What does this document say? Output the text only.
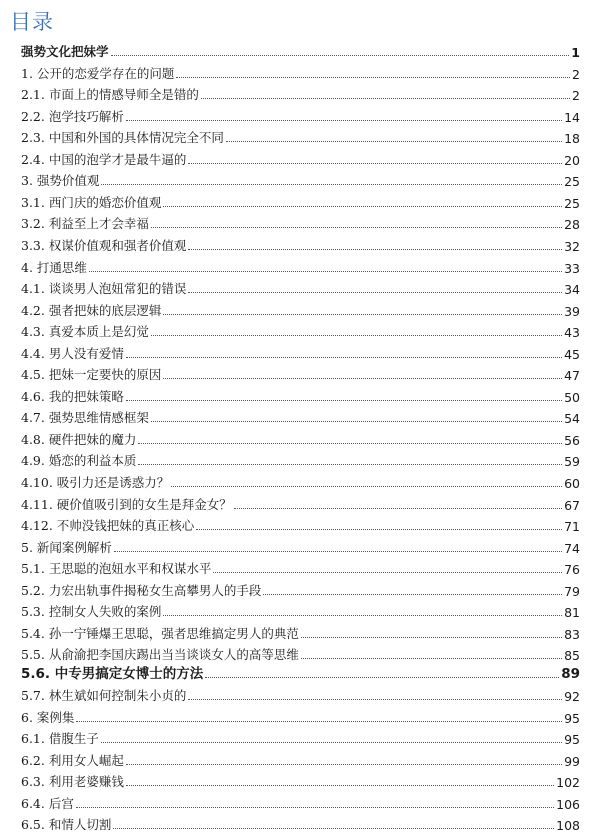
目录
强势文化把妹学	1
1. 公开的恋爱学存在的问题	2
2.1. 市面上的情感导师全是错的	2
2.2. 泡学技巧解析	14
2.3. 中国和外国的具体情况完全不同	18
2.4. 中国的泡学才是最牛逼的	20
3. 强势价值观	25
3.1. 西门庆的婚恋价值观	25
3.2. 利益至上才会幸福	28
3.3. 权谋价值观和强者价值观	32
4. 打通思维	33
4.1. 谈谈男人泡妞常犯的错误	34
4.2. 强者把妹的底层逻辑	39
4.3. 真爱本质上是幻觉	43
4.4. 男人没有爱情	45
4.5. 把妹一定要快的原因	47
4.6. 我的把妹策略	50
4.7. 强势思维情感框架	54
4.8. 硬件把妹的魔力	56
4.9. 婚恋的利益本质	59
4.10. 吸引力还是诱惑力？	60
4.11. 硬价值吸引到的女生是拜金女？	67
4.12. 不帅没钱把妹的真正核心	71
5. 新闻案例解析	74
5.1. 王思聪的泡妞水平和权谋水平	76
5.2. 力宏出轨事件揭秘女生高攀男人的手段	79
5.3. 控制女人失败的案例	81
5.4. 孙一宁锤爆王思聪，强者思维搞定男人的典范	83
5.5. 从俞渝把李国庆踢出当当谈谈女人的高等思维	85
5.6. 中专男搞定女博士的方法	89
5.7. 林生斌如何控制朱小贞的	92
6. 案例集	95
6.1. 借腹生子	95
6.2. 利用女人崛起	99
6.3. 利用老婆赚钱	102
6.4. 后宫	106
6.5. 和情人切割	108
